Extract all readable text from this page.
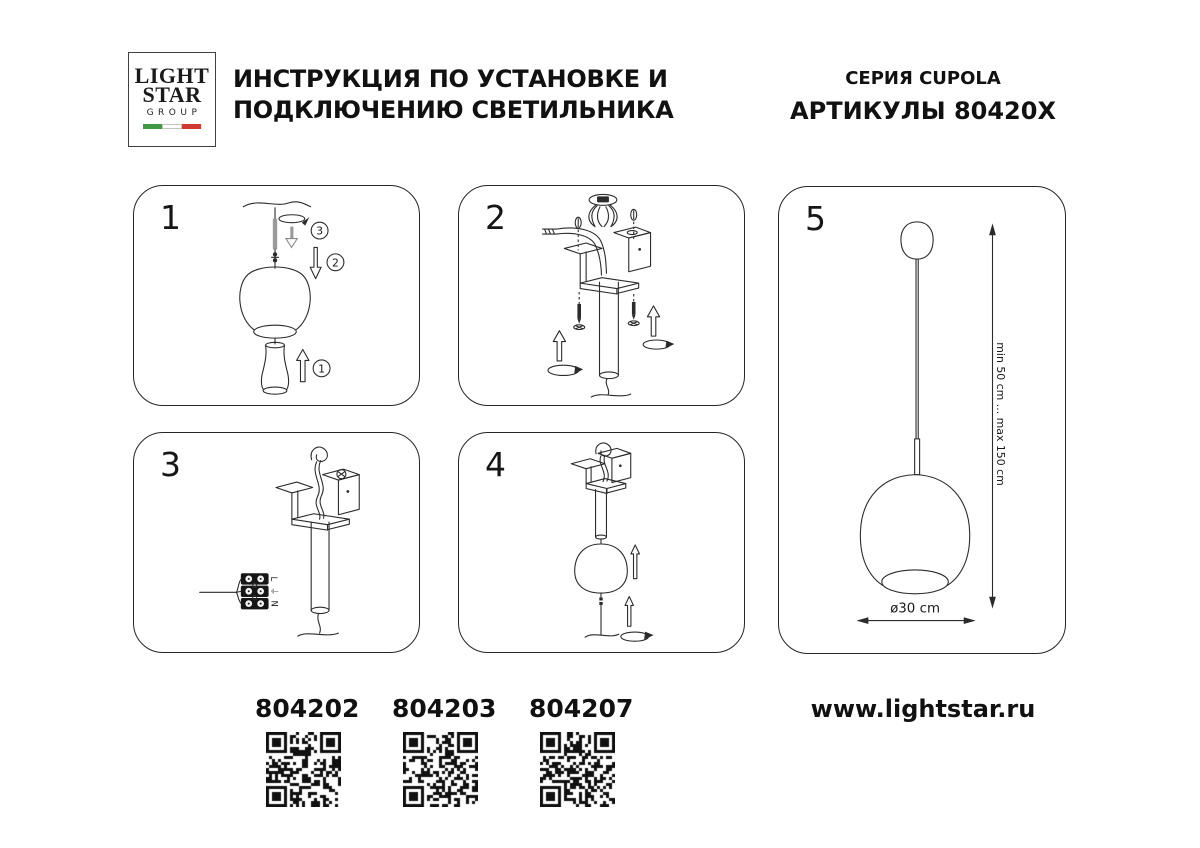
LIGHT
STAR
GROUP
ИНСТРУКЦИЯ ПО УСТАНОВКЕ И
ПОДКЛЮЧЕНИЮ СВЕТИЛЬНИКА
СЕРИЯ CUPOLA
АРТИКУЛЫ 80420X
1	3
2
1
2
3
L
⏚
N
4
5
min 50 cm ... max 150 cm
ø30 cm
804202 804203 804207	www.lightstar.ru
